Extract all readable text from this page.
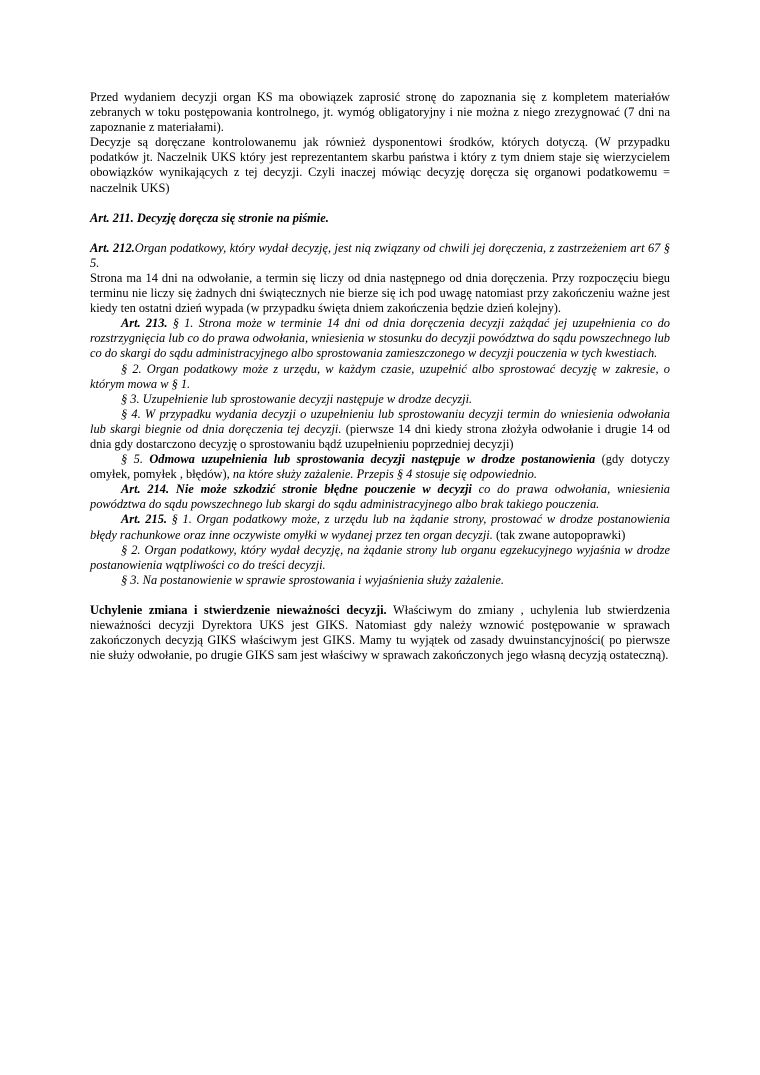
Przed wydaniem decyzji organ KS ma obowiązek zaprosić stronę do zapoznania się z kompletem materiałów zebranych w toku postępowania kontrolnego, jt. wymóg obligatoryjny i nie można z niego zrezygnować (7 dni na zapoznanie z materiałami).

Decyzje są doręczane kontrolowanemu jak również dysponentowi środków, których dotyczą. (W przypadku podatków jt. Naczelnik UKS który jest reprezentantem skarbu państwa i który z tym dniem staje się wierzycielem obowiązków wynikających z tej decyzji. Czyli inaczej mówiąc decyzję doręcza się organowi podatkowemu = naczelnik UKS)

Art. 211. Decyzję doręcza się stronie na piśmie.

Art. 212.Organ podatkowy, który wydał decyzję, jest nią związany od chwili jej doręczenia, z zastrzeżeniem art 67 § 5.

Strona ma 14 dni na odwołanie, a termin się liczy od dnia następnego od dnia doręczenia. Przy rozpoczęciu biegu terminu nie liczy się żadnych dni świątecznych nie bierze się ich pod uwagę natomiast przy zakończeniu ważne jest kiedy ten ostatni dzień wypada (w przypadku święta dniem zakończenia będzie dzień kolejny).

Art. 213. § 1. Strona może w terminie 14 dni od dnia doręczenia decyzji zażądać jej uzupełnienia co do rozstrzygnięcia lub co do prawa odwołania, wniesienia w stosunku do decyzji powództwa do sądu powszechnego lub co do skargi do sądu administracyjnego albo sprostowania zamieszczonego w decyzji pouczenia w tych kwestiach.

§ 2. Organ podatkowy może z urzędu, w każdym czasie, uzupełnić albo sprostować decyzję w zakresie, o którym mowa w § 1.

§ 3. Uzupełnienie lub sprostowanie decyzji następuje w drodze decyzji.

§ 4. W przypadku wydania decyzji o uzupełnieniu lub sprostowaniu decyzji termin do wniesienia odwołania lub skargi biegnie od dnia doręczenia tej decyzji. (pierwsze 14 dni kiedy strona złożyła odwołanie i drugie 14 od dnia gdy dostarczono decyzję o sprostowaniu bądź uzupełnieniu poprzedniej decyzji)

§ 5. Odmowa uzupełnienia lub sprostowania decyzji następuje w drodze postanowienia (gdy dotyczy omyłek, pomyłek , błędów), na które służy zażalenie. Przepis § 4 stosuje się odpowiednio.

Art. 214. Nie może szkodzić stronie błędne pouczenie w decyzji co do prawa odwołania, wniesienia powództwa do sądu powszechnego lub skargi do sądu administracyjnego albo brak takiego pouczenia.

Art. 215. § 1. Organ podatkowy może, z urzędu lub na żądanie strony, prostować w drodze postanowienia błędy rachunkowe oraz inne oczywiste omyłki w wydanej przez ten organ decyzji. (tak zwane autopoprawki)

§ 2. Organ podatkowy, który wydał decyzję, na żądanie strony lub organu egzekucyjnego wyjaśnia w drodze postanowienia wątpliwości co do treści decyzji.

§ 3. Na postanowienie w sprawie sprostowania i wyjaśnienia służy zażalenie.

Uchylenie zmiana i stwierdzenie nieważności decyzji. Właściwym do zmiany , uchylenia lub stwierdzenia nieważności decyzji Dyrektora UKS jest GIKS. Natomiast gdy należy wznowić postępowanie w sprawach zakończonych decyzją GIKS właściwym jest GIKS. Mamy tu wyjątek od zasady dwuinstancyjności( po pierwsze nie służy odwołanie, po drugie GIKS sam jest właściwy w sprawach zakończonych jego własną decyzją ostateczną).
